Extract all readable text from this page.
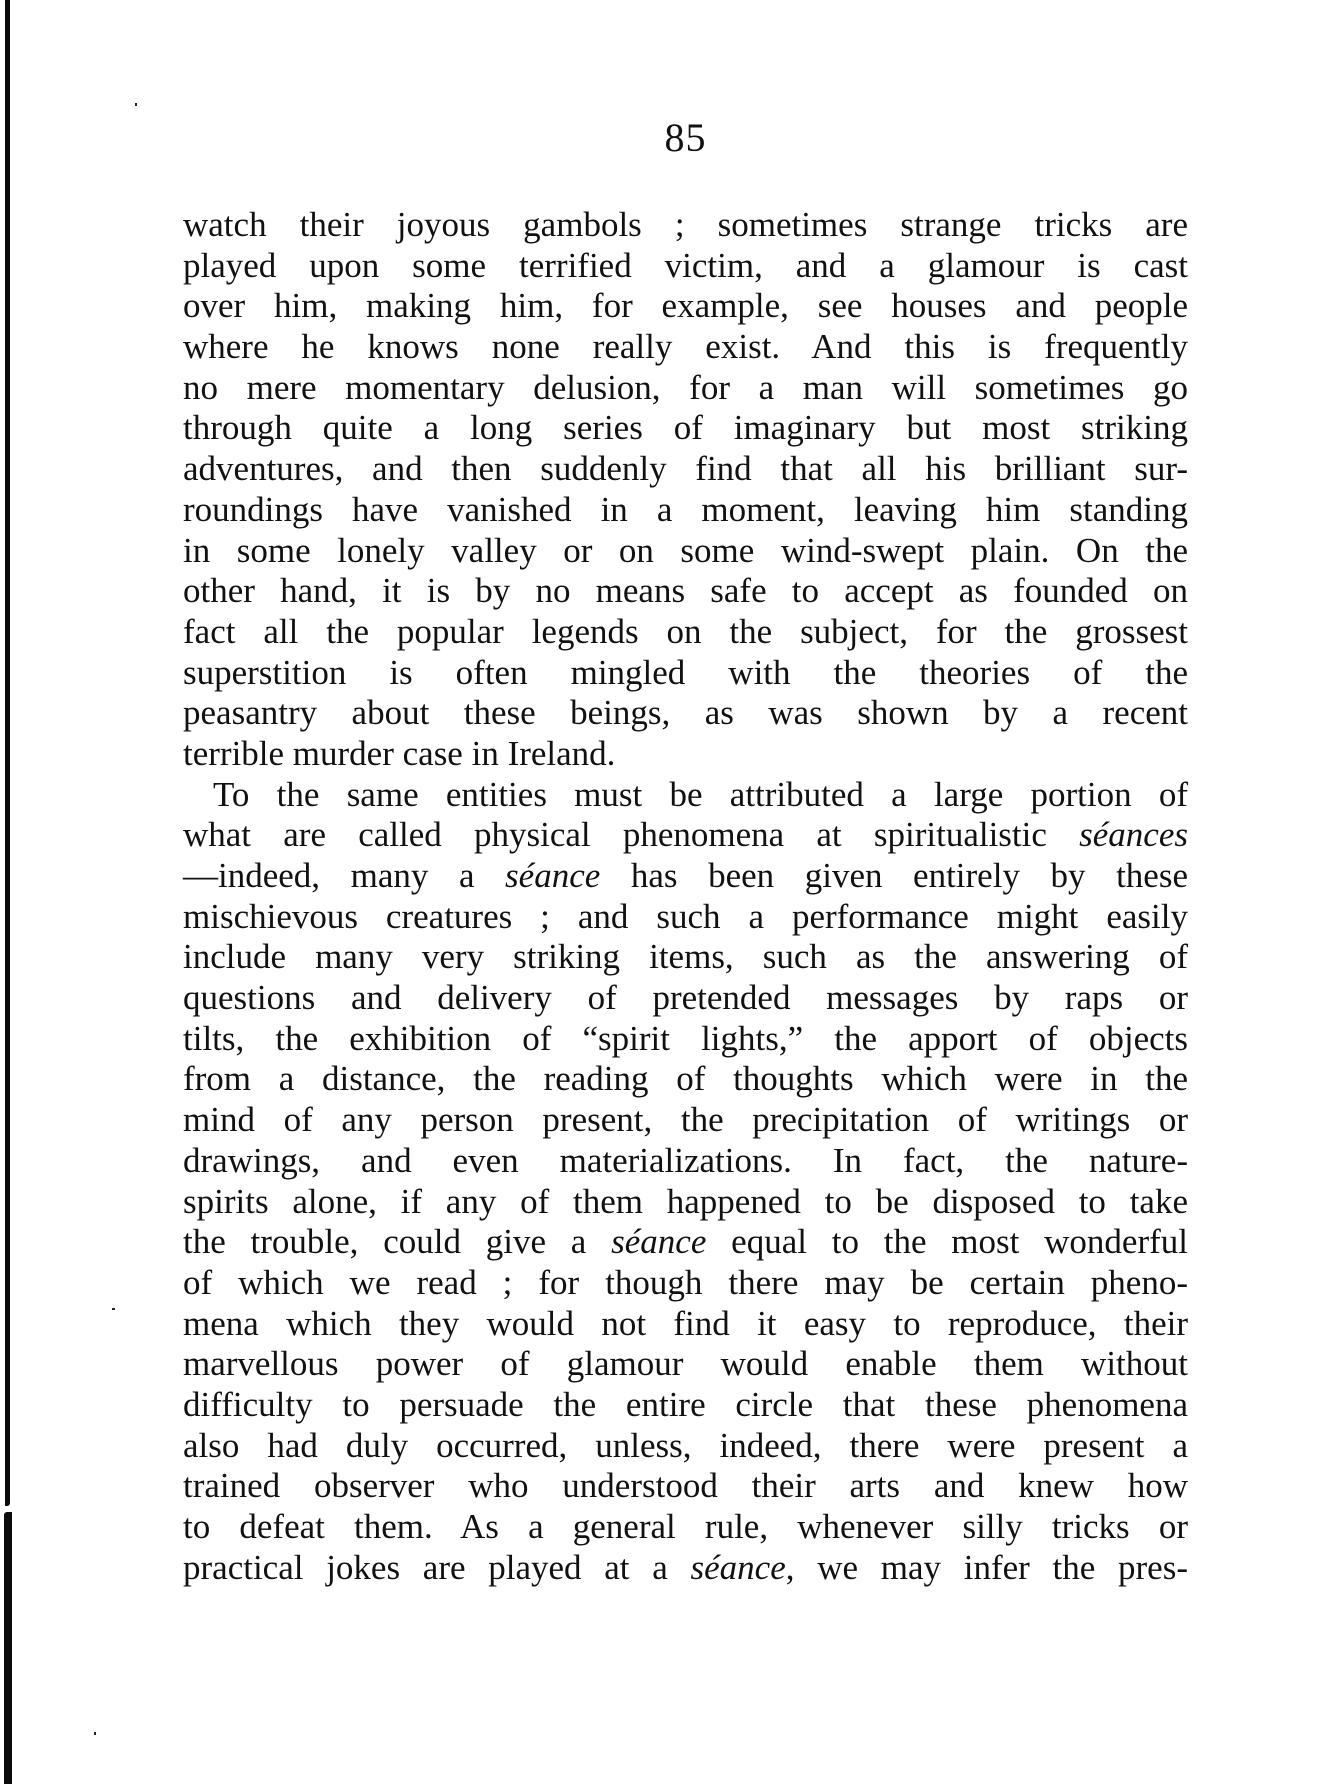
85
watch their joyous gambols ; sometimes strange tricks are
played upon some terrified victim, and a glamour is cast
over him, making him, for example, see houses and people
where he knows none really exist. And this is frequently
no mere momentary delusion, for a man will sometimes go
through quite a long series of imaginary but most striking
adventures, and then suddenly find that all his brilliant sur-
roundings have vanished in a moment, leaving him standing
in some lonely valley or on some wind-swept plain. On the
other hand, it is by no means safe to accept as founded on
fact all the popular legends on the subject, for the grossest
superstition is often mingled with the theories of the
peasantry about these beings, as was shown by a recent
terrible murder case in Ireland.
To the same entities must be attributed a large portion of
what are called physical phenomena at spiritualistic séances
—indeed, many a séance has been given entirely by these
mischievous creatures ; and such a performance might easily
include many very striking items, such as the answering of
questions and delivery of pretended messages by raps or
tilts, the exhibition of “spirit lights,” the apport of objects
from a distance, the reading of thoughts which were in the
mind of any person present, the precipitation of writings or
drawings, and even materializations. In fact, the nature-
spirits alone, if any of them happened to be disposed to take
the trouble, could give a séance equal to the most wonderful
of which we read ; for though there may be certain pheno-
mena which they would not find it easy to reproduce, their
marvellous power of glamour would enable them without
difficulty to persuade the entire circle that these phenomena
also had duly occurred, unless, indeed, there were present a
trained observer who understood their arts and knew how
to defeat them. As a general rule, whenever silly tricks or
practical jokes are played at a séance, we may infer the pres-
